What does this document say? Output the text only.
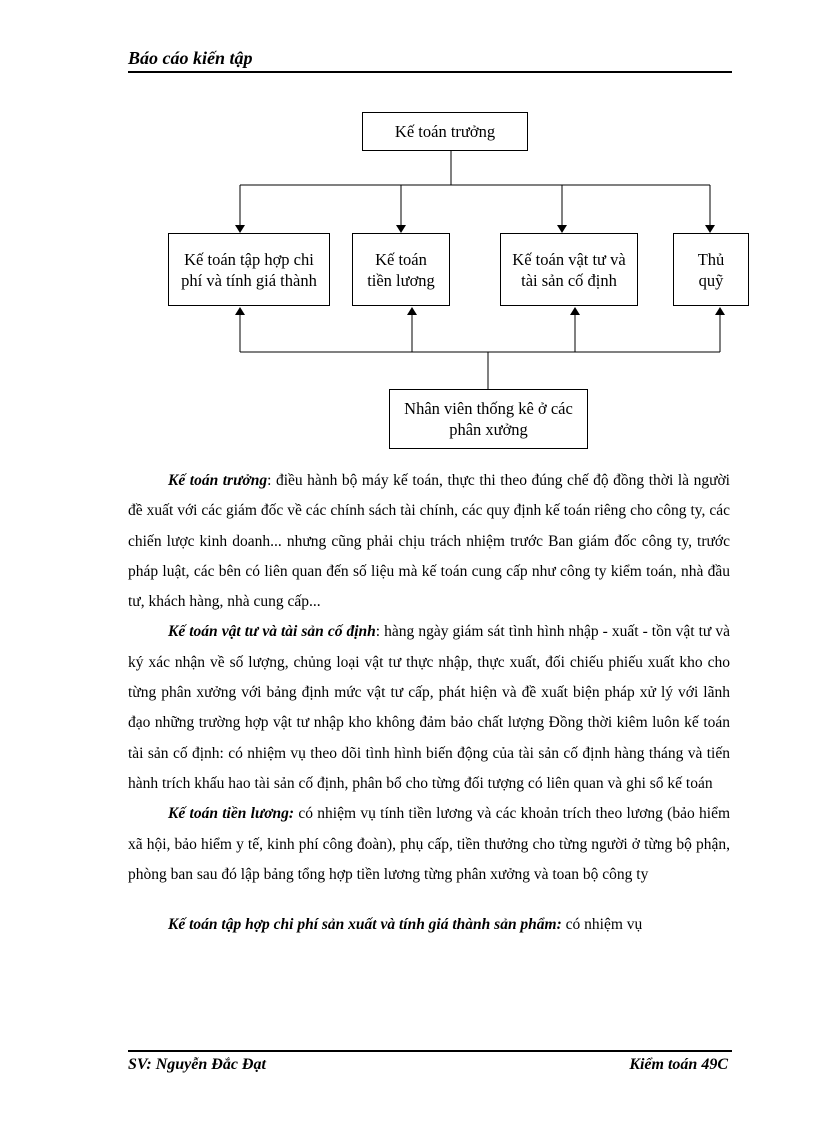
Báo cáo kiến tập
Kế toán trưởng
Kế toán tập hợp chi phí và tính giá thành
Kế toán tiền lương
Kế toán vật tư và tài sản cố định
Thủ quỹ
Nhân viên thống kê ở các phân xưởng

Kế toán trưởng: điều hành bộ máy kế toán, thực thi theo đúng chế độ đồng thời là người đề xuất với các giám đốc về các chính sách tài chính, các quy định kế toán riêng cho công ty, các chiến lược kinh doanh... nhưng cũng phải chịu trách nhiệm trước Ban giám đốc công ty, trước pháp luật, các bên có liên quan đến số liệu mà kế toán cung cấp như công ty kiểm toán, nhà đầu tư, khách hàng, nhà cung cấp...

Kế toán vật tư và tài sản cố định: hàng ngày giám sát tình hình nhập - xuất - tồn vật tư và ký xác nhận về số lượng, chủng loại vật tư thực nhập, thực xuất, đối chiếu phiếu xuất kho cho từng phân xưởng với bảng định mức vật tư cấp, phát hiện và đề xuất biện pháp xử lý với lãnh đạo những trường hợp vật tư nhập kho không đảm bảo chất lượng Đồng thời kiêm luôn kế toán tài sản cố định: có nhiệm vụ theo dõi tình hình biến động của tài sản cố định hàng tháng và tiến hành trích khấu hao tài sản cố định, phân bổ cho từng đối tượng có liên quan và ghi sổ kế toán

Kế toán tiền lương: có nhiệm vụ tính tiền lương và các khoản trích theo lương (bảo hiểm xã hội, bảo hiểm y tế, kinh phí công đoàn), phụ cấp, tiền thưởng cho từng người ở từng bộ phận, phòng ban sau đó lập bảng tổng hợp tiền lương từng phân xưởng và toan bộ công ty

Kế toán tập hợp chi phí sản xuất và tính giá thành sản phẩm: có nhiệm vụ

SV: Nguyễn Đắc Đạt	Kiểm toán 49C
